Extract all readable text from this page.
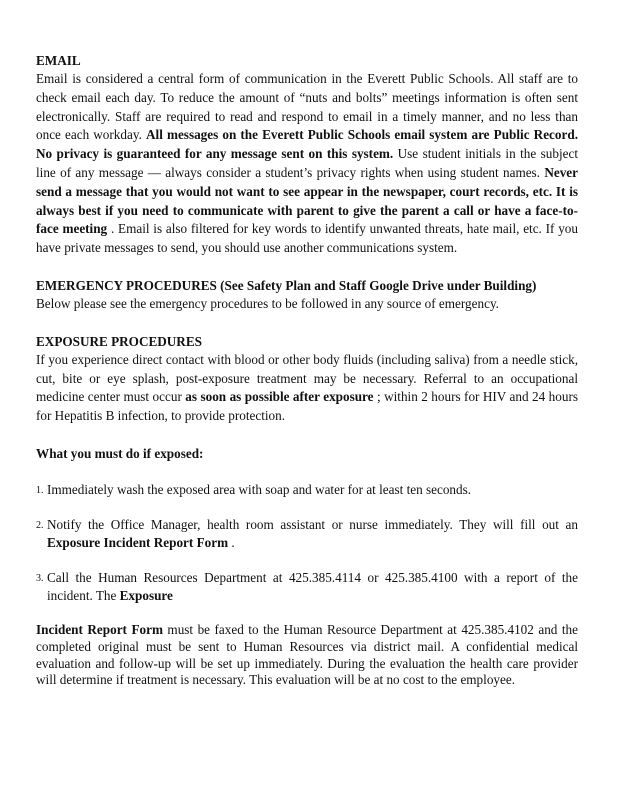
EMAIL

Email is considered a central form of communication in the Everett Public Schools. All staff are to check email each day. To reduce the amount of “nuts and bolts” meetings information is often sent electronically. Staff are required to read and respond to email in a timely manner, and no less than once each workday. All messages on the Everett Public Schools email system are Public Record. No privacy is guaranteed for any message sent on this system. Use student initials in the subject line of any message — always consider a student’s privacy rights when using student names. Never send a message that you would not want to see appear in the newspaper, court records, etc. It is always best if you need to communicate with parent to give the parent a call or have a face-to-face meeting . Email is also filtered for key words to identify unwanted threats, hate mail, etc. If you have private messages to send, you should use another communications system.

EMERGENCY PROCEDURES (See Safety Plan and Staff Google Drive under Building)

Below please see the emergency procedures to be followed in any source of emergency.

EXPOSURE PROCEDURES

If you experience direct contact with blood or other body fluids (including saliva) from a needle stick, cut, bite or eye splash, post-exposure treatment may be necessary. Referral to an occupational medicine center must occur as soon as possible after exposure ; within 2 hours for HIV and 24 hours for Hepatitis B infection, to provide protection.

What you must do if exposed:

1. Immediately wash the exposed area with soap and water for at least ten seconds.
2. Notify the Office Manager, health room assistant or nurse immediately. They will fill out an Exposure Incident Report Form .
3. Call the Human Resources Department at 425.385.4114 or 425.385.4100 with a report of the incident. The Exposure

Incident Report Form must be faxed to the Human Resource Department at 425.385.4102 and the completed original must be sent to Human Resources via district mail. A confidential medical evaluation and follow-up will be set up immediately. During the evaluation the health care provider will determine if treatment is necessary. This evaluation will be at no cost to the employee.
